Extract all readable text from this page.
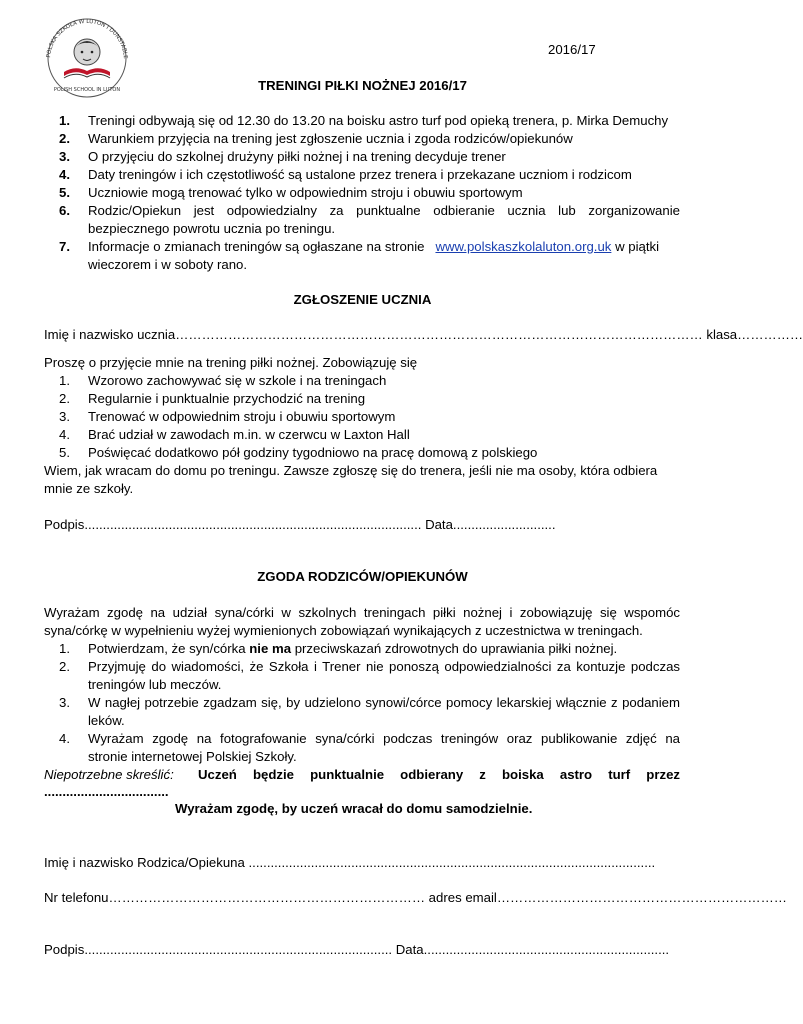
POLSKA SZKOŁA W LUTON I DUNSTABLE
POLISH SCHOOL IN LUTON
2016/17
TRENINGI PIŁKI NOŻNEJ 2016/17
1. Treningi odbywają się od 12.30 do 13.20 na boisku astro turf pod opieką trenera, p. Mirka Demuchy
2. Warunkiem przyjęcia na trening jest zgłoszenie ucznia i zgoda rodziców/opiekunów
3. O przyjęciu do szkolnej drużyny piłki nożnej i na trening decyduje trener
4. Daty treningów i ich częstotliwość są ustalone przez trenera i przekazane uczniom i rodzicom
5. Uczniowie mogą trenować tylko w odpowiednim stroju i obuwiu sportowym
6. Rodzic/Opiekun jest odpowiedzialny za punktualne odbieranie ucznia lub zorganizowanie
bezpiecznego powrotu ucznia po treningu.
7. Informacje o zmianach treningów są ogłaszane na stronie www.polskaszkolaluton.org.uk w piątki
wieczorem i w soboty rano.
ZGŁOSZENIE UCZNIA
Imię i nazwisko ucznia………………………………………………………………………………………………………… klasa……………
Proszę o przyjęcie mnie na trening piłki nożnej. Zobowiązuję się
1. Wzorowo zachowywać się w szkole i na treningach
2. Regularnie i punktualnie przychodzić na trening
3. Trenować w odpowiednim stroju i obuwiu sportowym
4. Brać udział w zawodach m.in. w czerwcu w Laxton Hall
5. Poświęcać dodatkowo pół godziny tygodniowo na pracę domową z polskiego
Wiem, jak wracam do domu po treningu. Zawsze zgłoszę się do trenera, jeśli nie ma osoby, która odbiera
mnie ze szkoły.
Podpis............................................................................................ Data............................
ZGODA RODZICÓW/OPIEKUNÓW
Wyrażam zgodę na udział syna/córki w szkolnych treningach piłki nożnej i zobowiązuję się wspomóc
syna/córkę w wypełnieniu wyżej wymienionych zobowiązań wynikających z uczestnictwa w treningach.
1. Potwierdzam, że syn/córka nie ma przeciwskazań zdrowotnych do uprawiania piłki nożnej.
2. Przyjmuję do wiadomości, że Szkoła i Trener nie ponoszą odpowiedzialności za kontuzje podczas
treningów lub meczów.
3. W nagłej potrzebie zgadzam się, by udzielono synowi/córce pomocy lekarskiej włącznie z podaniem
leków.
4. Wyrażam zgodę na fotografowanie syna/córki podczas treningów oraz publikowanie zdjęć na
stronie internetowej Polskiej Szkoły.
Niepotrzebne skreślić: Uczeń będzie punktualnie odbierany z boiska astro turf przez
..................................
Wyrażam zgodę, by uczeń wracał do domu samodzielnie.
Imię i nazwisko Rodzica/Opiekuna ...............................................................................................................
Nr telefonu……………………………………………………………… adres email…………………………………………………………
Podpis.................................................................................... Data...................................................................
